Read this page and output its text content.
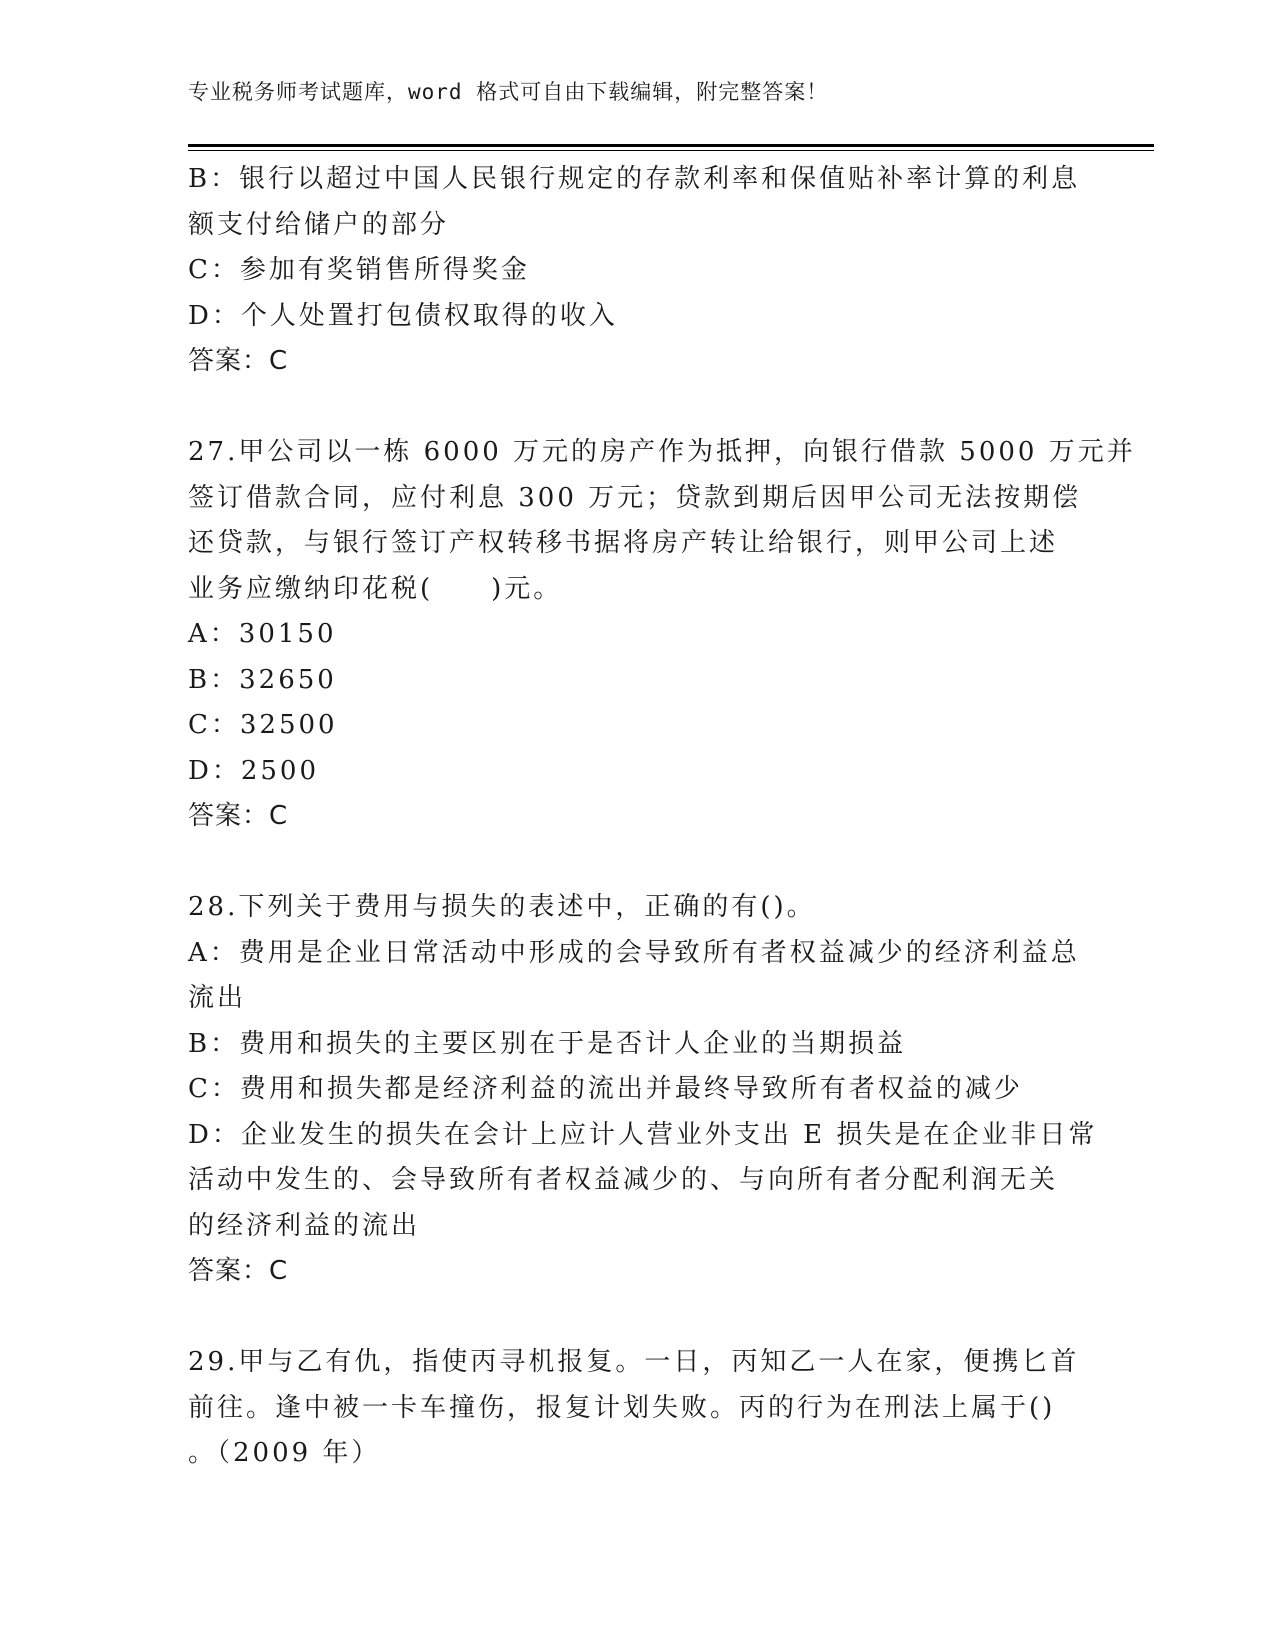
专业税务师考试题库，word 格式可自由下载编辑，附完整答案！
B：银行以超过中国人民银行规定的存款利率和保值贴补率计算的利息
额支付给储户的部分
C：参加有奖销售所得奖金
D：个人处置打包债权取得的收入
答案：C
27.甲公司以一栋 6000 万元的房产作为抵押，向银行借款 5000 万元并
签订借款合同，应付利息 300 万元；贷款到期后因甲公司无法按期偿
还贷款，与银行签订产权转移书据将房产转让给银行，则甲公司上述
业务应缴纳印花税(　　)元。
A：30150
B：32650
C：32500
D：2500
答案：C
28.下列关于费用与损失的表述中，正确的有()。
A：费用是企业日常活动中形成的会导致所有者权益减少的经济利益总
流出
B：费用和损失的主要区别在于是否计人企业的当期损益
C：费用和损失都是经济利益的流出并最终导致所有者权益的减少
D：企业发生的损失在会计上应计人营业外支出 E 损失是在企业非日常
活动中发生的、会导致所有者权益减少的、与向所有者分配利润无关
的经济利益的流出
答案：C
29.甲与乙有仇，指使丙寻机报复。一日，丙知乙一人在家，便携匕首
前往。逢中被一卡车撞伤，报复计划失败。丙的行为在刑法上属于()
。（2009 年）
